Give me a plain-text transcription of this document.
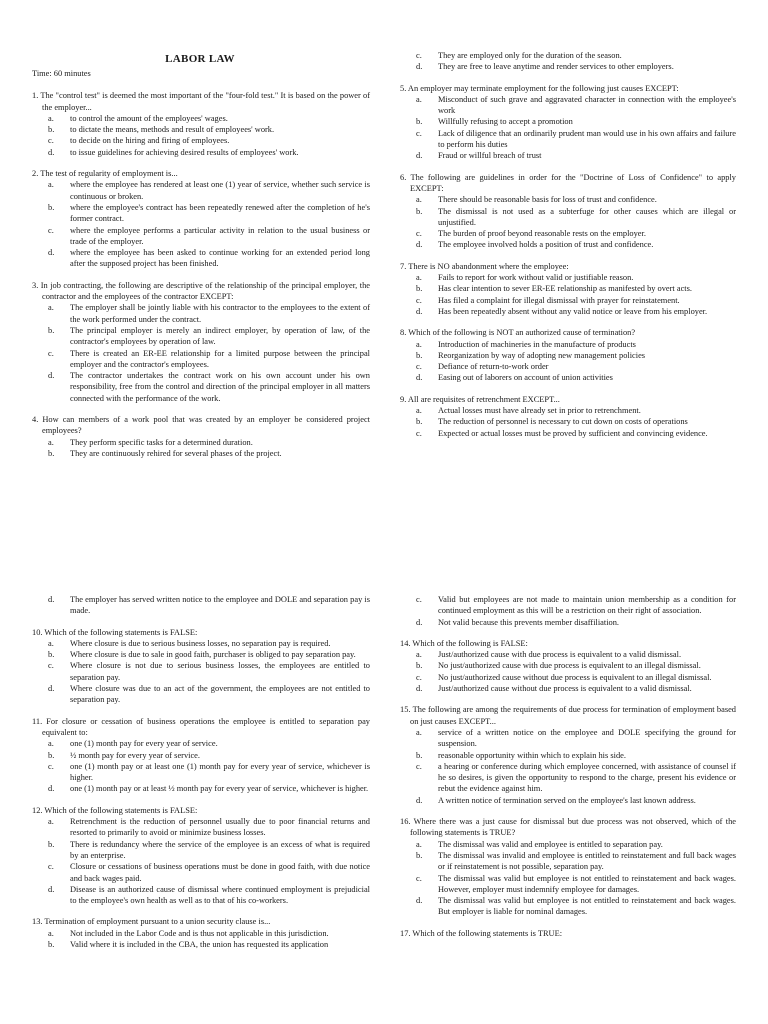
LABOR LAW
Time: 60 minutes
1. The "control test" is deemed the most important of the "four-fold test." It is based on the power of the employer...
a.	to control the amount of the employees' wages.
b.	to dictate the means, methods and result of employees' work.
c.	to decide on the hiring and firing of employees.
d.	to issue guidelines for achieving desired results of employees' work.
2. The test of regularity of employment is...
a.	where the employee has rendered at least one (1) year of service, whether such service is continuous or broken.
b.	where the employee's contract has been repeatedly renewed after the completion of he's former contract.
c.	where the employee performs a particular activity in relation to the usual business or trade of the employer.
d.	where the employee has been asked to continue working for an extended period long after the supposed project has been finished.
3. In job contracting, the following are descriptive of the relationship of the principal employer, the contractor and the employees of the contractor EXCEPT:
a.	The employer shall be jointly liable with his contractor to the employees to the extent of the work performed under the contract.
b.	The principal employer is merely an indirect employer, by operation of law, of the contractor's employees by operation of law.
c.	There is created an ER-EE relationship for a limited purpose between the principal employer and the contractor's employees.
d.	The contractor undertakes the contract work on his own account under his own responsibility, free from the control and direction of the principal employer in all matters connected with the performance of the work.
4. How can members of a work pool that was created by an employer be considered project employees?
a.	They perform specific tasks for a determined duration.
b.	They are continuously rehired for several phases of the project.
c.	They are employed only for the duration of the season.
d.	They are free to leave anytime and render services to other employers.
5. An employer may terminate employment for the following just causes EXCEPT:
a.	Misconduct of such grave and aggravated character in connection with the employee's work
b.	Willfully refusing to accept a promotion
c.	Lack of diligence that an ordinarily prudent man would use in his own affairs and failure to perform his duties
d.	Fraud or willful breach of trust
6. The following are guidelines in order for the "Doctrine of Loss of Confidence" to apply EXCEPT:
a.	There should be reasonable basis for loss of trust and confidence.
b.	The dismissal is not used as a subterfuge for other causes which are illegal or unjustified.
c.	The burden of proof beyond reasonable rests on the employer.
d.	The employee involved holds a position of trust and confidence.
7. There is NO abandonment where the employee:
a.	Fails to report for work without valid or justifiable reason.
b.	Has clear intention to sever ER-EE relationship as manifested by overt acts.
c.	Has filed a complaint for illegal dismissal with prayer for reinstatement.
d.	Has been repeatedly absent without any valid notice or leave from his employer.
8. Which of the following is NOT an authorized cause of termination?
a.	Introduction of machineries in the manufacture of products
b.	Reorganization by way of adopting new management policies
c.	Defiance of return-to-work order
d.	Easing out of laborers on account of union activities
9. All are requisites of retrenchment EXCEPT...
a.	Actual losses must have already set in prior to retrenchment.
b.	The reduction of personnel is necessary to cut down on costs of operations
c.	Expected or actual losses must be proved by sufficient and convincing evidence.
d.	The employer has served written notice to the employee and DOLE and separation pay is made.
10. Which of the following statements is FALSE:
a.	Where closure is due to serious business losses, no separation pay is required.
b.	Where closure is due to sale in good faith, purchaser is obliged to pay separation pay.
c.	Where closure is not due to serious business losses, the employees are entitled to separation pay.
d.	Where closure was due to an act of the government, the employees are not entitled to separation pay.
11. For closure or cessation of business operations the employee is entitled to separation pay equivalent to:
a.	one (1) month pay for every year of service.
b.	½ month pay for every year of service.
c.	one (1) month pay or at least one (1) month pay for every year of service, whichever is higher.
d.	one (1) month pay or at least ½ month pay for every year of service, whichever is higher.
12. Which of the following statements is FALSE:
a.	Retrenchment is the reduction of personnel usually due to poor financial returns and resorted to primarily to avoid or minimize business losses.
b.	There is redundancy where the service of the employee is an excess of what is required by an enterprise.
c.	Closure or cessations of business operations must be done in good faith, with due notice and back wages paid.
d.	Disease is an authorized cause of dismissal where continued employment is prejudicial to the employee's own health as well as to that of his co-workers.
13. Termination of employment pursuant to a union security clause is...
a.	Not included in the Labor Code and is thus not applicable in this jurisdiction.
b.	Valid where it is included in the CBA, the union has requested its application
c.	Valid but employees are not made to maintain union membership as a condition for continued employment as this will be a restriction on their right of association.
d.	Not valid because this prevents member disaffiliation.
14. Which of the following is FALSE:
a.	Just/authorized cause with due process is equivalent to a valid dismissal.
b.	No just/authorized cause with due process is equivalent to an illegal dismissal.
c.	No just/authorized cause without due process is equivalent to an illegal dismissal.
d.	Just/authorized cause without due process is equivalent to a valid dismissal.
15. The following are among the requirements of due process for termination of employment based on just causes EXCEPT...
a.	service of a written notice on the employee and DOLE specifying the ground for suspension.
b.	reasonable opportunity within which to explain his side.
c.	a hearing or conference during which employee concerned, with assistance of counsel if he so desires, is given the opportunity to respond to the charge, present his evidence or rebut the evidence against him.
d.	A written notice of termination served on the employee's last known address.
16. Where there was a just cause for dismissal but due process was not observed, which of the following statements is TRUE?
a.	The dismissal was valid and employee is entitled to separation pay.
b.	The dismissal was invalid and employee is entitled to reinstatement and full back wages or if reinstatement is not possible, separation pay.
c.	The dismissal was valid but employee is not entitled to reinstatement and back wages. However, employer must indemnify employee for damages.
d.	The dismissal was valid but employee is not entitled to reinstatement and back wages. But employer is liable for nominal damages.
17. Which of the following statements is TRUE:
